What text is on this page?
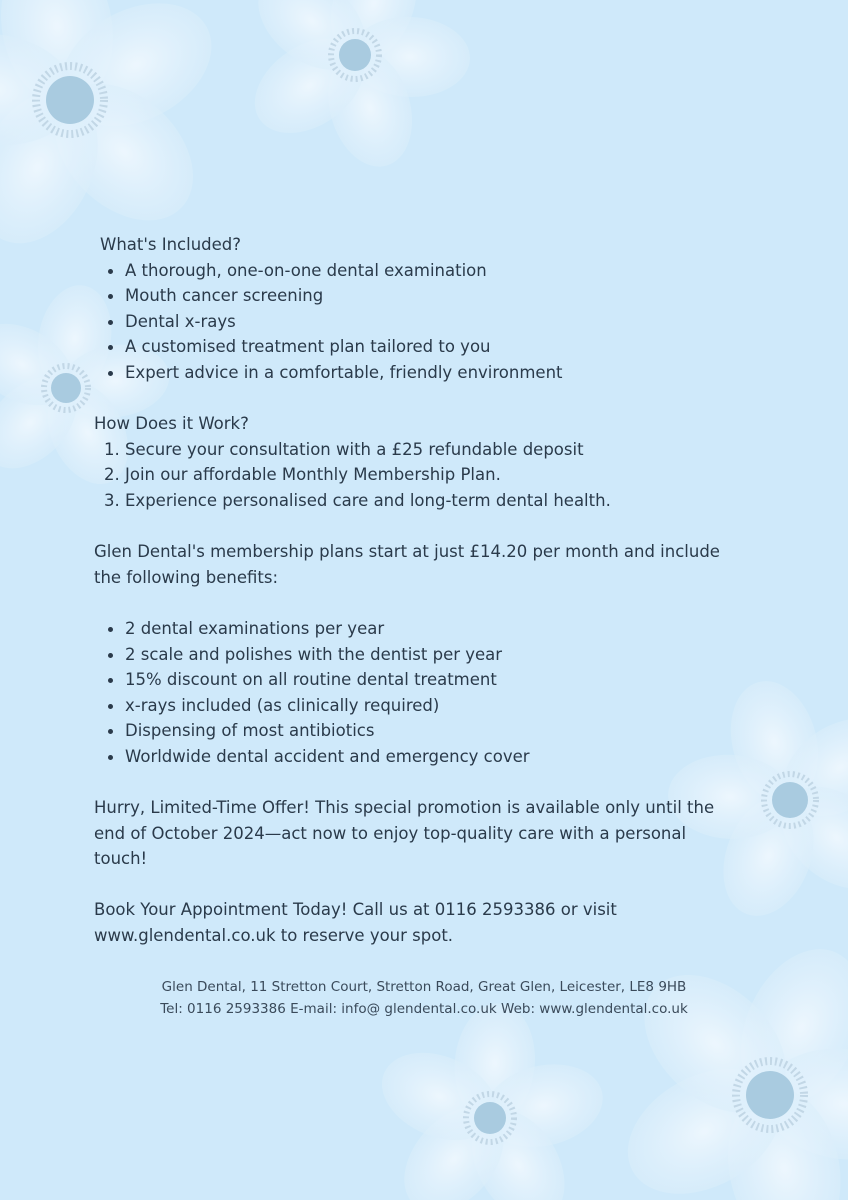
What's Included?
A thorough, one-on-one dental examination
Mouth cancer screening
Dental x-rays
A customised treatment plan tailored to you
Expert advice in a comfortable, friendly environment
How Does it Work?
1. Secure your consultation with a £25 refundable deposit
2. Join our affordable Monthly Membership Plan.
3. Experience personalised care and long-term dental health.

Glen Dental's membership plans start at just £14.20 per month and include the following benefits:

2 dental examinations per year
2 scale and polishes with the dentist per year
15% discount on all routine dental treatment
x-rays included (as clinically required)
Dispensing of most antibiotics
Worldwide dental accident and emergency cover

Hurry, Limited-Time Offer! This special promotion is available only until the end of October 2024—act now to enjoy top-quality care with a personal touch!

Book Your Appointment Today! Call us at 0116 2593386 or visit www.glendental.co.uk to reserve your spot.

Glen Dental, 11 Stretton Court, Stretton Road, Great Glen, Leicester, LE8 9HB
Tel: 0116 2593386 E-mail: info@ glendental.co.uk Web: www.glendental.co.uk
